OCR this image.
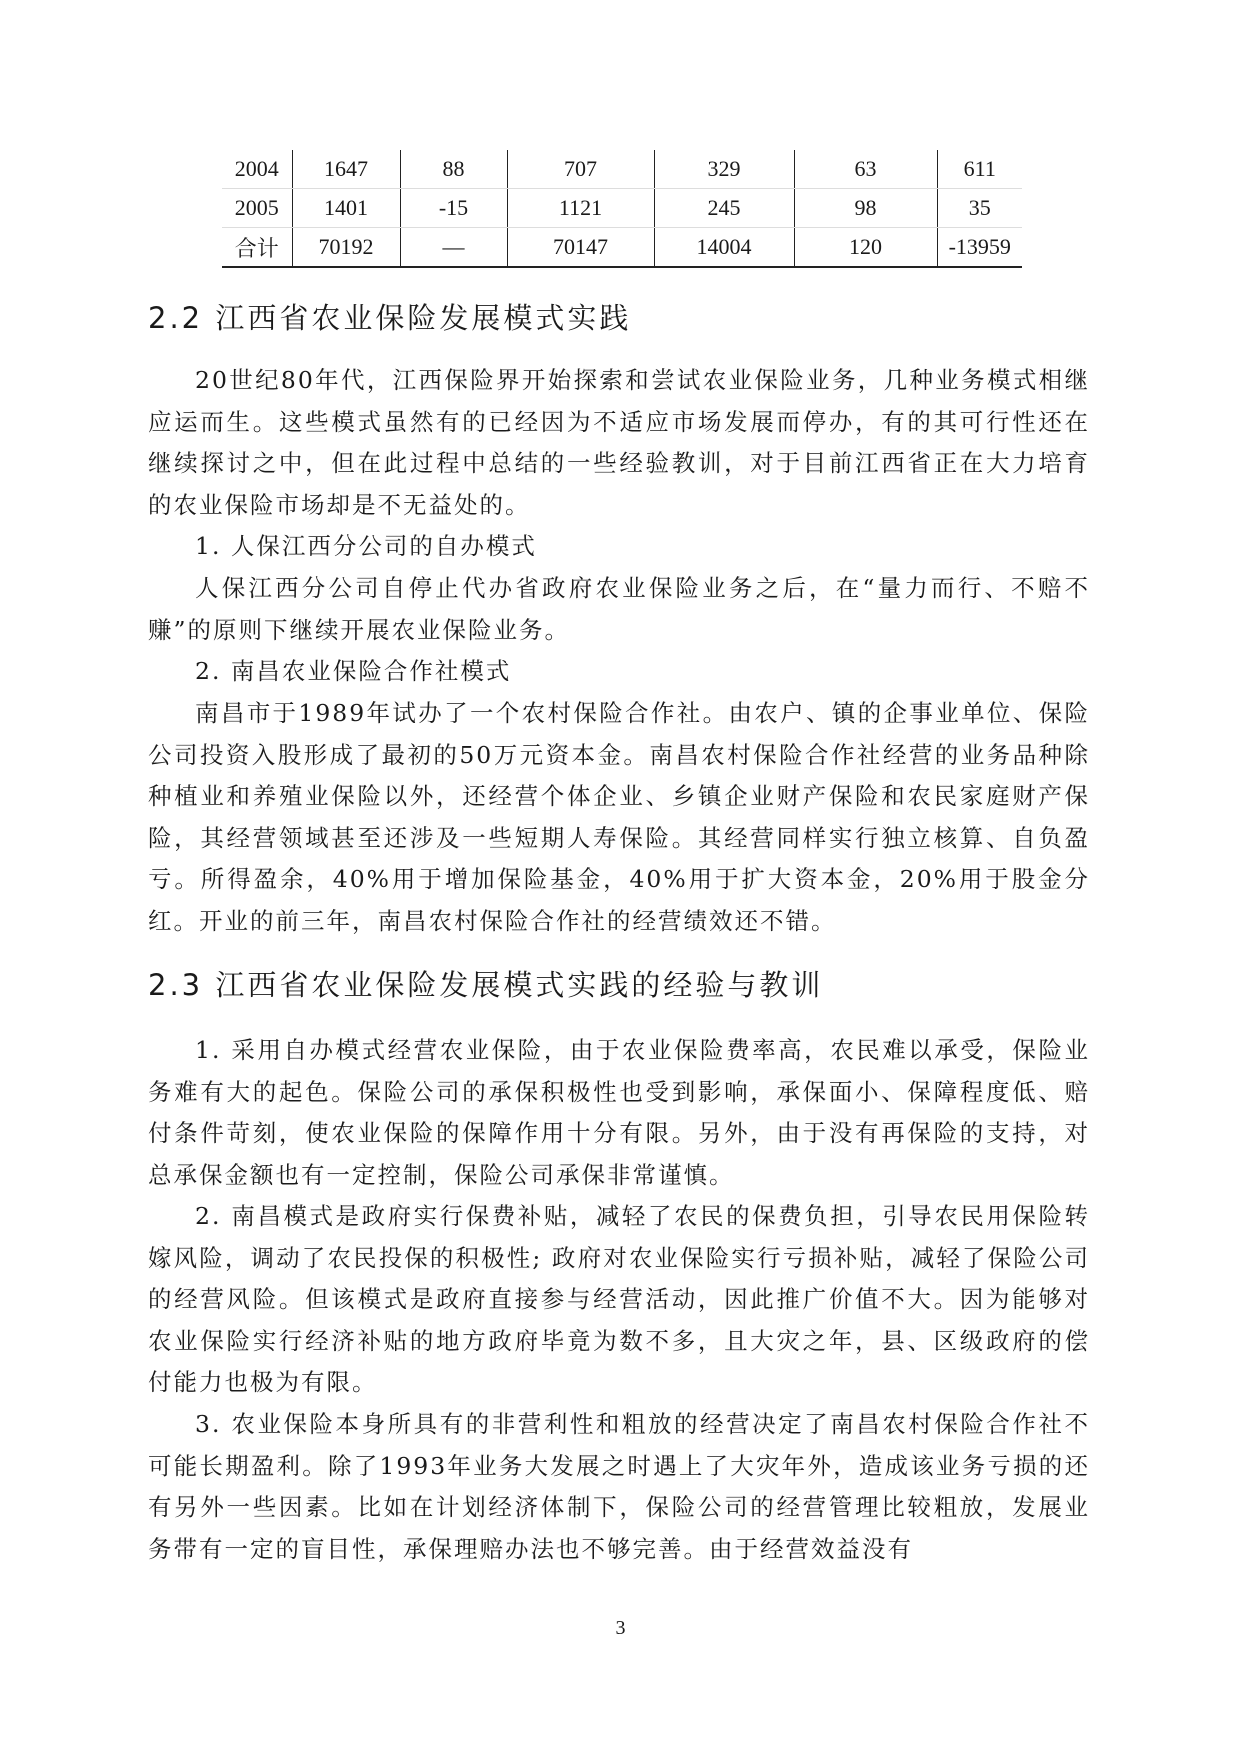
2004	1647	88	707	329	63	611
2005	1401	-15	1121	245	98	35
合计	70192	—	70147	14004	120	-13959
2.2 江西省农业保险发展模式实践

20世纪80年代，江西保险界开始探索和尝试农业保险业务，几种业务模式相继应运而生。这些模式虽然有的已经因为不适应市场发展而停办，有的其可行性还在继续探讨之中，但在此过程中总结的一些经验教训，对于目前江西省正在大力培育的农业保险市场却是不无益处的。

1. 人保江西分公司的自办模式

人保江西分公司自停止代办省政府农业保险业务之后，在“量力而行、不赔不赚”的原则下继续开展农业保险业务。

2. 南昌农业保险合作社模式

南昌市于1989年试办了一个农村保险合作社。由农户、镇的企事业单位、保险公司投资入股形成了最初的50万元资本金。南昌农村保险合作社经营的业务品种除种植业和养殖业保险以外，还经营个体企业、乡镇企业财产保险和农民家庭财产保险，其经营领域甚至还涉及一些短期人寿保险。其经营同样实行独立核算、自负盈亏。所得盈余，40%用于增加保险基金，40%用于扩大资本金，20%用于股金分红。开业的前三年，南昌农村保险合作社的经营绩效还不错。

2.3 江西省农业保险发展模式实践的经验与教训

1. 采用自办模式经营农业保险，由于农业保险费率高，农民难以承受，保险业务难有大的起色。保险公司的承保积极性也受到影响，承保面小、保障程度低、赔付条件苛刻，使农业保险的保障作用十分有限。另外，由于没有再保险的支持，对总承保金额也有一定控制，保险公司承保非常谨慎。

2. 南昌模式是政府实行保费补贴，减轻了农民的保费负担，引导农民用保险转嫁风险，调动了农民投保的积极性; 政府对农业保险实行亏损补贴，减轻了保险公司的经营风险。但该模式是政府直接参与经营活动，因此推广价值不大。因为能够对农业保险实行经济补贴的地方政府毕竟为数不多，且大灾之年，县、区级政府的偿付能力也极为有限。

3. 农业保险本身所具有的非营利性和粗放的经营决定了南昌农村保险合作社不可能长期盈利。除了1993年业务大发展之时遇上了大灾年外，造成该业务亏损的还有另外一些因素。比如在计划经济体制下，保险公司的经营管理比较粗放，发展业务带有一定的盲目性，承保理赔办法也不够完善。由于经营效益没有

3
